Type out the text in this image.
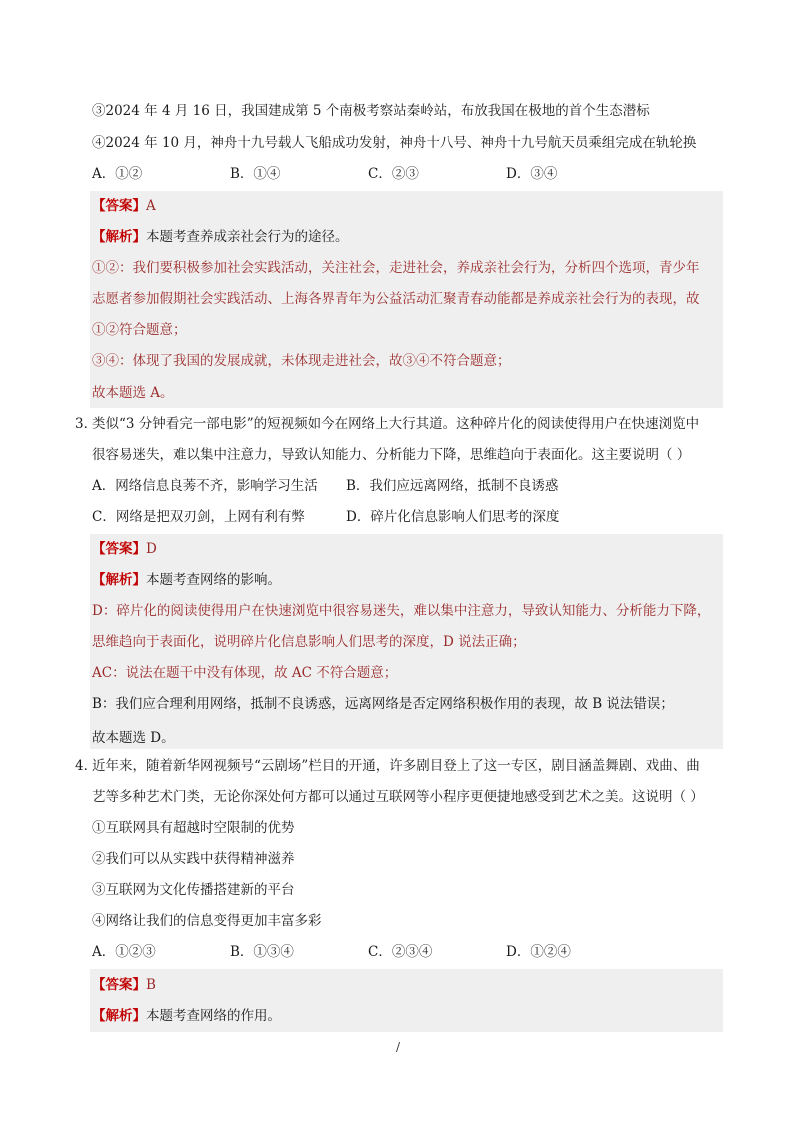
③2024 年 4 月 16 日，我国建成第 5 个南极考察站秦岭站，布放我国在极地的首个生态潜标
④2024 年 10 月，神舟十九号载人飞船成功发射，神舟十八号、神舟十九号航天员乘组完成在轨轮换
A．①②	B．①④	C．②③	D．③④
【答案】A
【解析】本题考查养成亲社会行为的途径。
①②：我们要积极参加社会实践活动，关注社会，走进社会，养成亲社会行为，分析四个选项，青少年
志愿者参加假期社会实践活动、上海各界青年为公益活动汇聚青春动能都是养成亲社会行为的表现，故
①②符合题意；
③④：体现了我国的发展成就，未体现走进社会，故③④不符合题意；
故本题选 A。
3．
类似“3 分钟看完一部电影”的短视频如今在网络上大行其道。这种碎片化的阅读使得用户在快速浏览中
很容易迷失，难以集中注意力，导致认知能力、分析能力下降，思维趋向于表面化。这主要说明（ ）
A．网络信息良莠不齐，影响学习生活 B．我们应远离网络，抵制不良诱惑
C．网络是把双刃剑，上网有利有弊	D．碎片化信息影响人们思考的深度
【答案】D
【解析】本题考查网络的影响。
D：碎片化的阅读使得用户在快速浏览中很容易迷失，难以集中注意力，导致认知能力、分析能力下降，
思维趋向于表面化，说明碎片化信息影响人们思考的深度，D 说法正确；
AC：说法在题干中没有体现，故 AC 不符合题意；
B：我们应合理利用网络，抵制不良诱惑，远离网络是否定网络积极作用的表现，故 B 说法错误；
故本题选 D。
4．
近年来，随着新华网视频号“云剧场”栏目的开通，许多剧目登上了这一专区，剧目涵盖舞剧、戏曲、曲
艺等多种艺术门类，无论你深处何方都可以通过互联网等小程序更便捷地感受到艺术之美。这说明（ ）
①互联网具有超越时空限制的优势
②我们可以从实践中获得精神滋养
③互联网为文化传播搭建新的平台
④网络让我们的信息变得更加丰富多彩
A．①②③	B．①③④	C．②③④	D．①②④
【答案】B
【解析】本题考查网络的作用。
/
